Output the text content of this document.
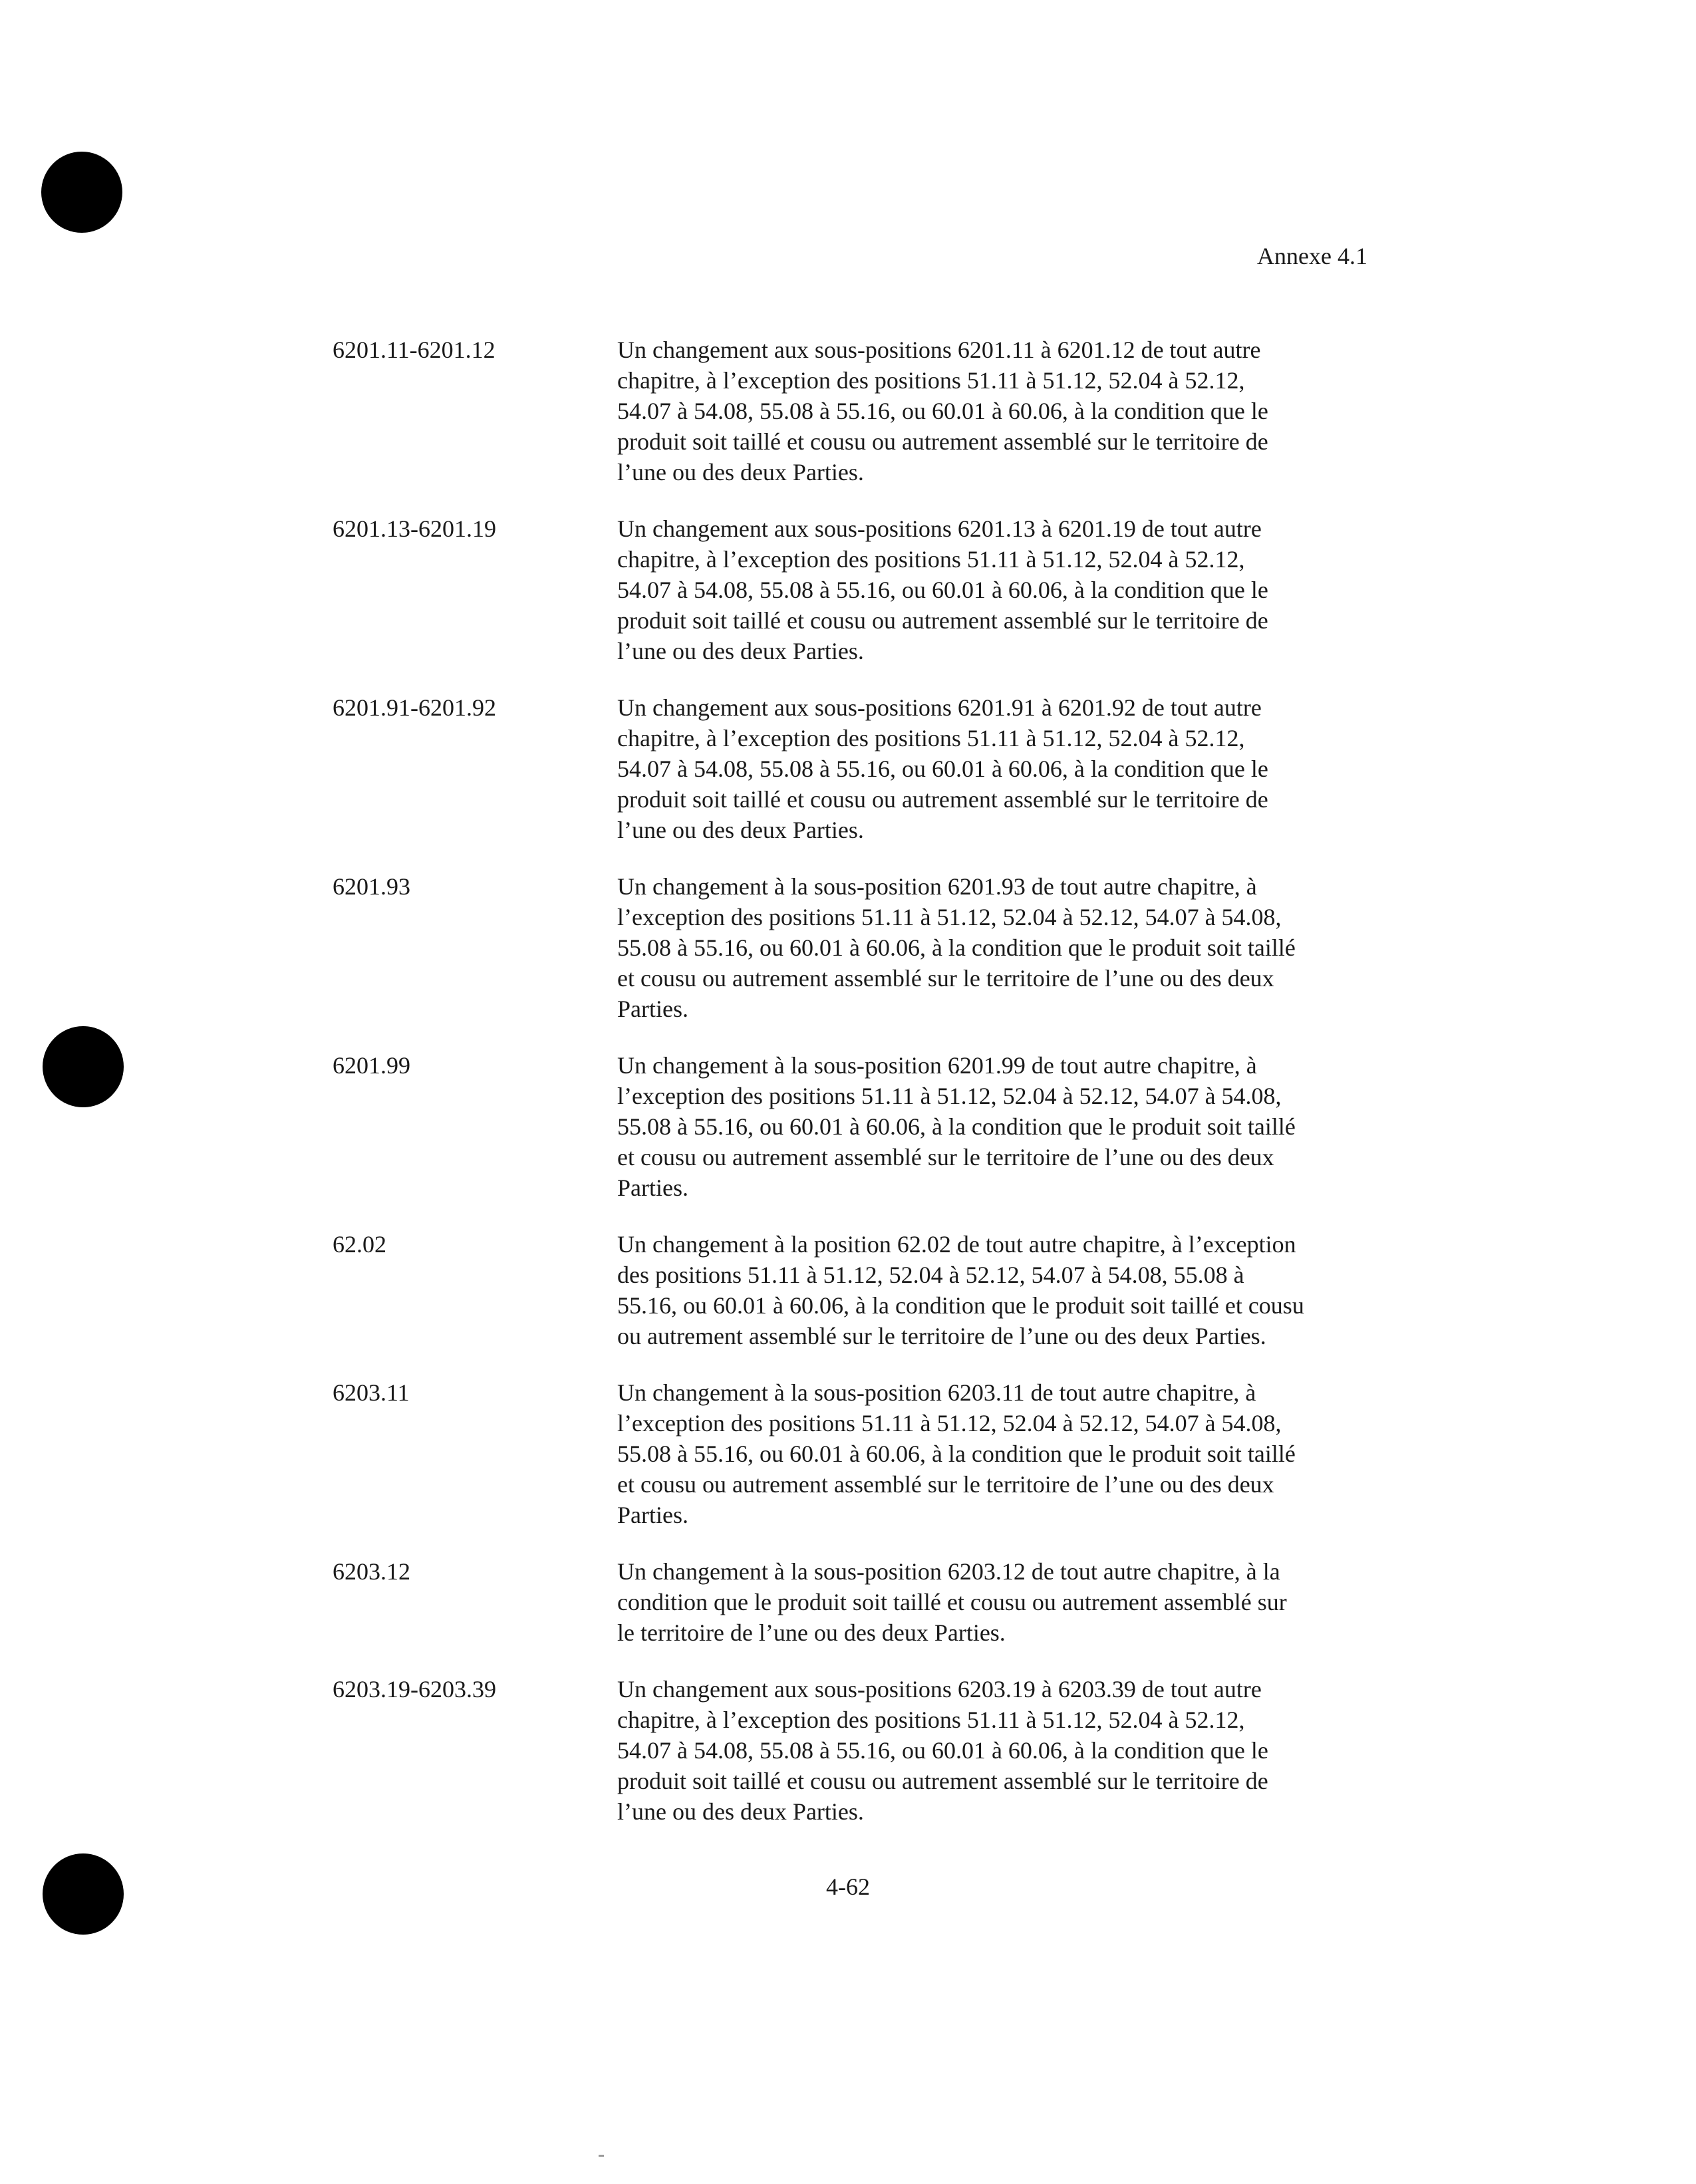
Annexe 4.1
6201.11-6201.12	Un changement aux sous-positions 6201.11 à 6201.12 de tout autre
chapitre, à l’exception des positions 51.11 à 51.12, 52.04 à 52.12,
54.07 à 54.08, 55.08 à 55.16, ou 60.01 à 60.06, à la condition que le
produit soit taillé et cousu ou autrement assemblé sur le territoire de
l’une ou des deux Parties.
6201.13-6201.19	Un changement aux sous-positions 6201.13 à 6201.19 de tout autre
chapitre, à l’exception des positions 51.11 à 51.12, 52.04 à 52.12,
54.07 à 54.08, 55.08 à 55.16, ou 60.01 à 60.06, à la condition que le
produit soit taillé et cousu ou autrement assemblé sur le territoire de
l’une ou des deux Parties.
6201.91-6201.92	Un changement aux sous-positions 6201.91 à 6201.92 de tout autre
chapitre, à l’exception des positions 51.11 à 51.12, 52.04 à 52.12,
54.07 à 54.08, 55.08 à 55.16, ou 60.01 à 60.06, à la condition que le
produit soit taillé et cousu ou autrement assemblé sur le territoire de
l’une ou des deux Parties.
6201.93	Un changement à la sous-position 6201.93 de tout autre chapitre, à
l’exception des positions 51.11 à 51.12, 52.04 à 52.12, 54.07 à 54.08,
55.08 à 55.16, ou 60.01 à 60.06, à la condition que le produit soit taillé
et cousu ou autrement assemblé sur le territoire de l’une ou des deux
Parties.
6201.99	Un changement à la sous-position 6201.99 de tout autre chapitre, à
l’exception des positions 51.11 à 51.12, 52.04 à 52.12, 54.07 à 54.08,
55.08 à 55.16, ou 60.01 à 60.06, à la condition que le produit soit taillé
et cousu ou autrement assemblé sur le territoire de l’une ou des deux
Parties.
62.02	Un changement à la position 62.02 de tout autre chapitre, à l’exception
des positions 51.11 à 51.12, 52.04 à 52.12, 54.07 à 54.08, 55.08 à
55.16, ou 60.01 à 60.06, à la condition que le produit soit taillé et cousu
ou autrement assemblé sur le territoire de l’une ou des deux Parties.
6203.11	Un changement à la sous-position 6203.11 de tout autre chapitre, à
l’exception des positions 51.11 à 51.12, 52.04 à 52.12, 54.07 à 54.08,
55.08 à 55.16, ou 60.01 à 60.06, à la condition que le produit soit taillé
et cousu ou autrement assemblé sur le territoire de l’une ou des deux
Parties.
6203.12	Un changement à la sous-position 6203.12 de tout autre chapitre, à la
condition que le produit soit taillé et cousu ou autrement assemblé sur
le territoire de l’une ou des deux Parties.
6203.19-6203.39	Un changement aux sous-positions 6203.19 à 6203.39 de tout autre
chapitre, à l’exception des positions 51.11 à 51.12, 52.04 à 52.12,
54.07 à 54.08, 55.08 à 55.16, ou 60.01 à 60.06, à la condition que le
produit soit taillé et cousu ou autrement assemblé sur le territoire de
l’une ou des deux Parties.
4-62
